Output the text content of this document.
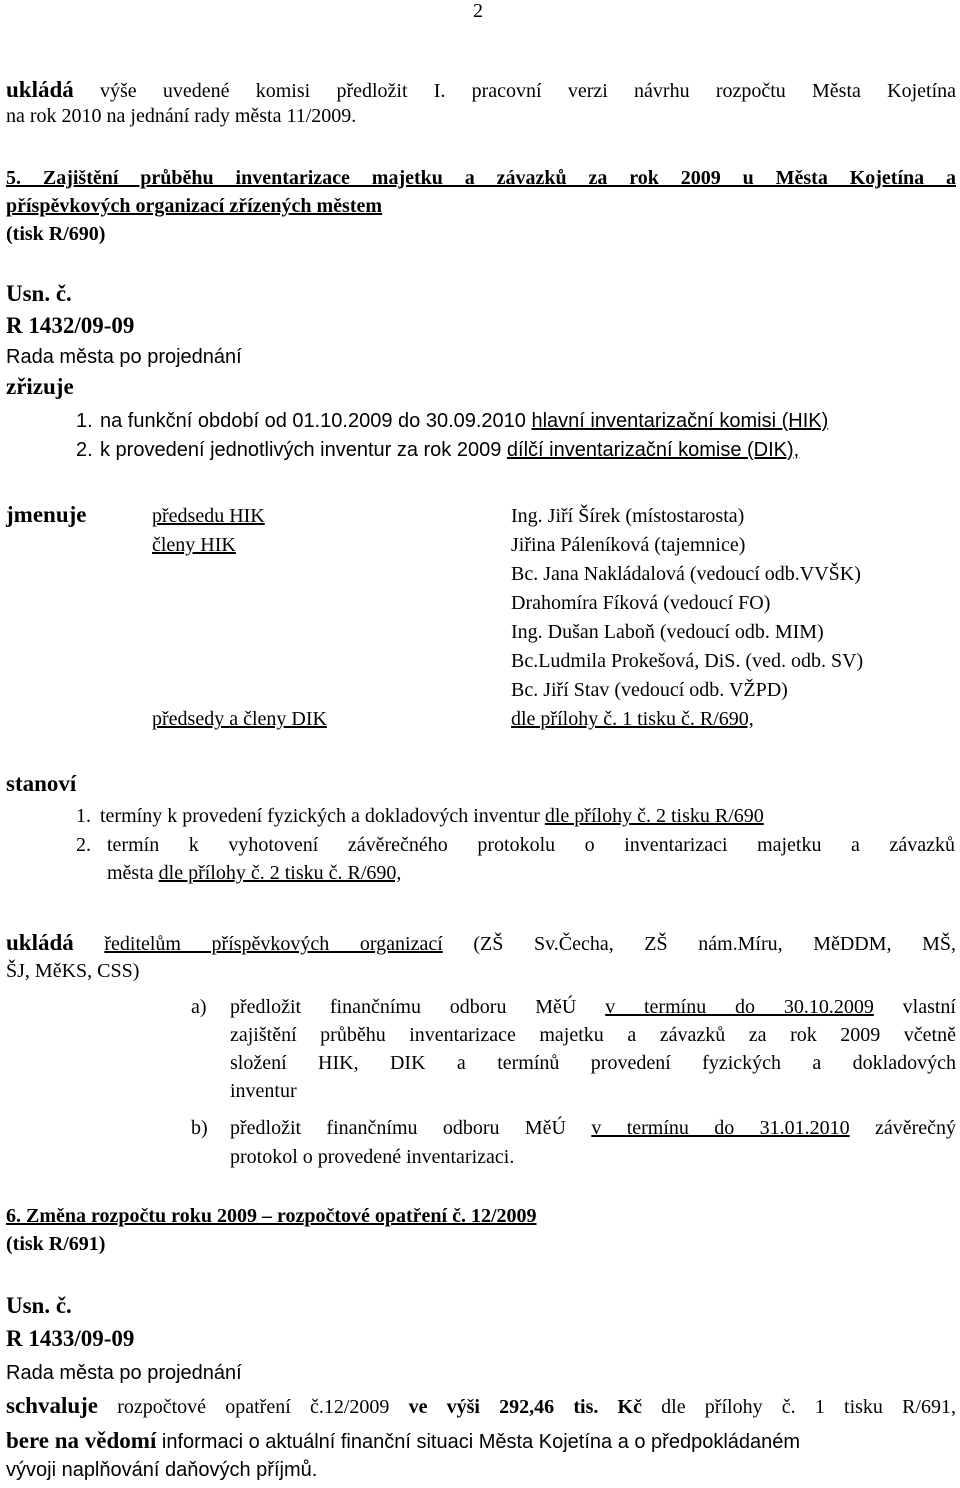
2
ukládá výše uvedené komisi předložit I. pracovní verzi návrhu rozpočtu Města Kojetína
na rok 2010 na jednání rady města 11/2009.
5. Zajištění průběhu inventarizace majetku a závazků za rok 2009 u Města Kojetína a
příspěvkových organizací zřízených městem
(tisk R/690)
Usn. č.
R 1432/09-09
Rada města po projednání
zřizuje
1. na funkční období od 01.10.2009 do 30.09.2010 hlavní inventarizační komisi (HIK)
2. k provedení jednotlivých inventur za rok 2009 dílčí inventarizační komise (DIK),
jmenuje	předsedu HIK
členy HIK
předsedy a členy DIK
Ing. Jiří Šírek (místostarosta)
Jiřina Páleníková (tajemnice)
Bc. Jana Nakládalová (vedoucí odb.VVŠK)
Drahomíra Fíková (vedoucí FO)
Ing. Dušan Laboň (vedoucí odb. MIM)
Bc.Ludmila Prokešová, DiS. (ved. odb. SV)
Bc. Jiří Stav (vedoucí odb. VŽPD)
dle přílohy č. 1 tisku č. R/690,
stanoví
1. termíny k provedení fyzických a dokladových inventur dle přílohy č. 2 tisku R/690
2. termín k vyhotovení závěrečného protokolu o inventarizaci majetku a závazků
města dle přílohy č. 2 tisku č. R/690,
ukládá ředitelům příspěvkových organizací (ZŠ Sv.Čecha, ZŠ nám.Míru, MěDDM, MŠ,
ŠJ, MěKS, CSS)
a) předložit finančnímu odboru MěÚ v termínu do 30.10.2009 vlastní
zajištění průběhu inventarizace majetku a závazků za rok 2009 včetně
složení HIK, DIK a termínů provedení fyzických a dokladových
inventur
b) předložit finančnímu odboru MěÚ v termínu do 31.01.2010 závěrečný
protokol o provedené inventarizaci.
6. Změna rozpočtu roku 2009 – rozpočtové opatření č. 12/2009
(tisk R/691)
Usn. č.
R 1433/09-09
Rada města po projednání
schvaluje rozpočtové opatření č.12/2009 ve výši 292,46 tis. Kč dle přílohy č. 1 tisku R/691,
bere na vědomí informaci o aktuální finanční situaci Města Kojetína a o předpokládaném
vývoji naplňování daňových příjmů.
